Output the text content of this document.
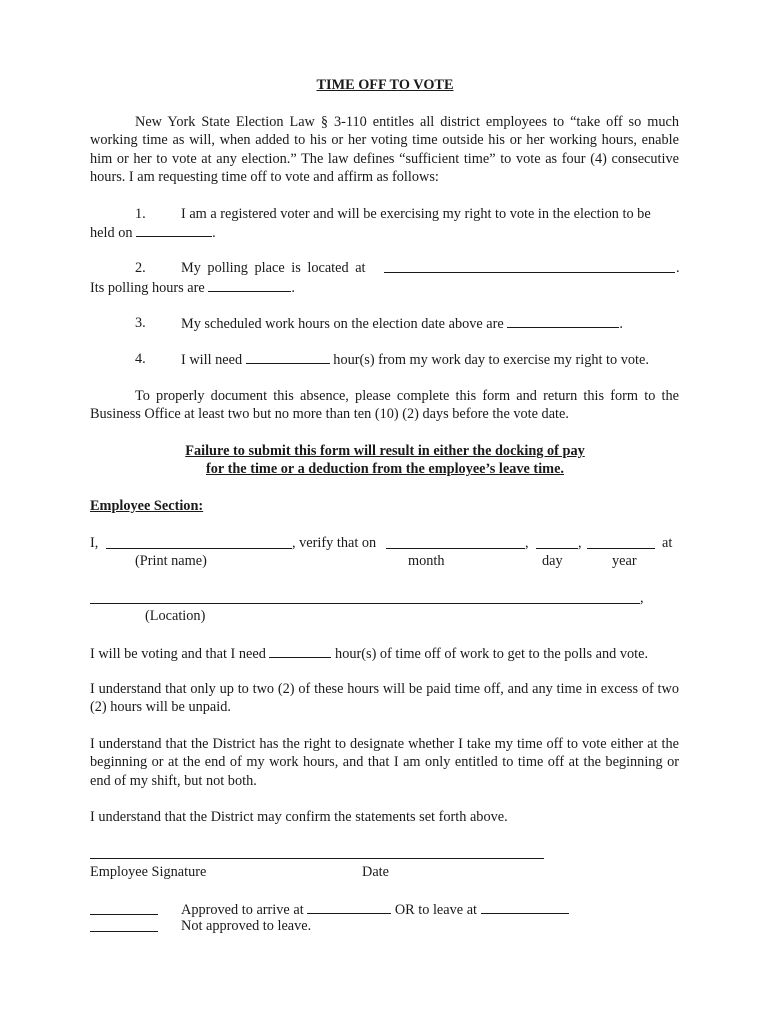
TIME OFF TO VOTE
New York State Election Law § 3-110 entitles all district employees to “take off so much working time as will, when added to his or her voting time outside his or her working hours, enable him or her to vote at any election.” The law defines “sufficient time” to vote as four (4) consecutive hours. I am requesting time off to vote and affirm as follows:
1. I am a registered voter and will be exercising my right to vote in the election to be
held on	.
2. My polling place is located at	.
Its polling hours are	.
3. My scheduled work hours on the election date above are	.
4. I will need	hour(s) from my work day to exercise my right to vote.
To properly document this absence, please complete this form and return this form to the Business Office at least two but no more than ten (10) (2) days before the vote date.
Failure to submit this form will result in either the docking of pay
for the time or a deduction from the employee’s leave time.
Employee Section:
I,	, verify that on	,	,	at
(Print name)	month	day	year
,
(Location)
I will be voting and that I need	hour(s) of time off of work to get to the polls and vote.
I understand that only up to two (2) of these hours will be paid time off, and any time in excess of two (2) hours will be unpaid.
I understand that the District has the right to designate whether I take my time off to vote either at the beginning or at the end of my work hours, and that I am only entitled to time off at the beginning or end of my shift, but not both.
I understand that the District may confirm the statements set forth above.
Employee Signature	Date
Approved to arrive at	OR to leave at
Not approved to leave.
